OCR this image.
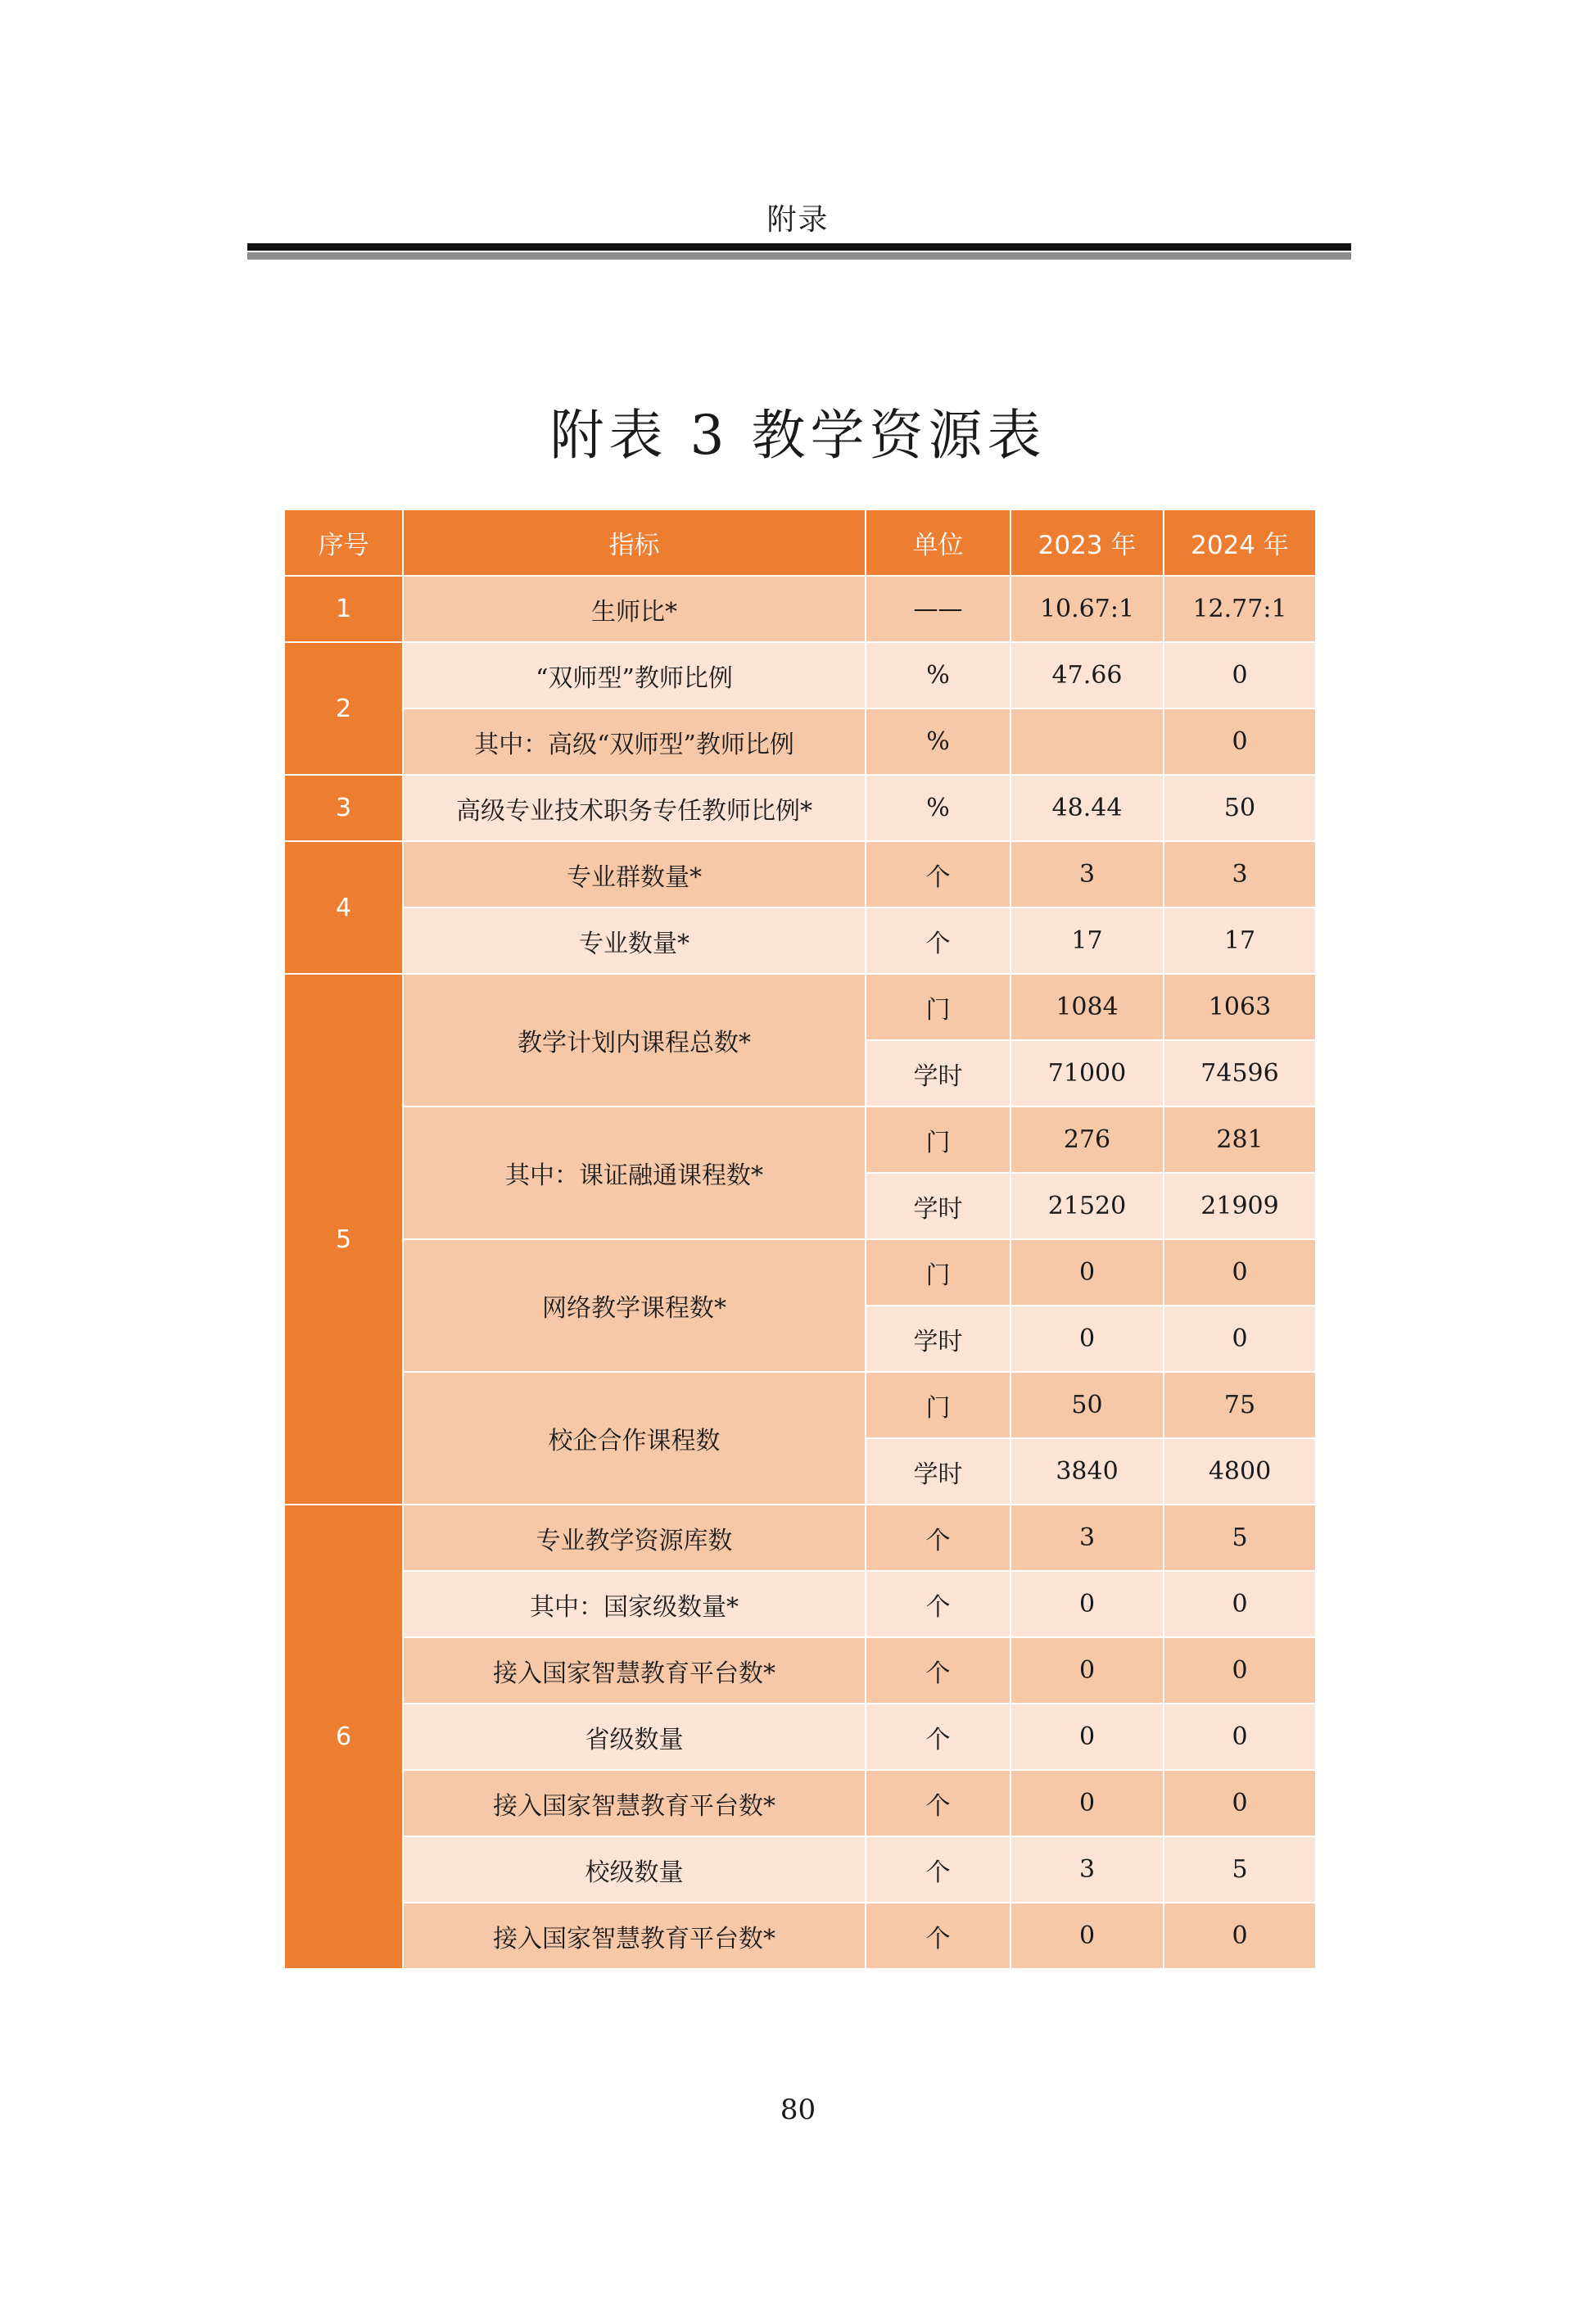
附录
附表 3 教学资源表
序号	指标	单位	2023 年	2024 年
1	生师比*	——	10.67:1	12.77:1
2	“双师型”教师比例	%	47.66	0
	其中：高级“双师型”教师比例	%		0
3	高级专业技术职务专任教师比例*	%	48.44	50
4	专业群数量*	个	3	3
	专业数量*	个	17	17
5	教学计划内课程总数*	门	1084	1063
		学时	71000	74596
	其中：课证融通课程数*	门	276	281
		学时	21520	21909
	网络教学课程数*	门	0	0
		学时	0	0
	校企合作课程数	门	50	75
		学时	3840	4800
6	专业教学资源库数	个	3	5
	其中：国家级数量*	个	0	0
	接入国家智慧教育平台数*	个	0	0
	省级数量	个	0	0
	接入国家智慧教育平台数*	个	0	0
	校级数量	个	3	5
	接入国家智慧教育平台数*	个	0	0
80
